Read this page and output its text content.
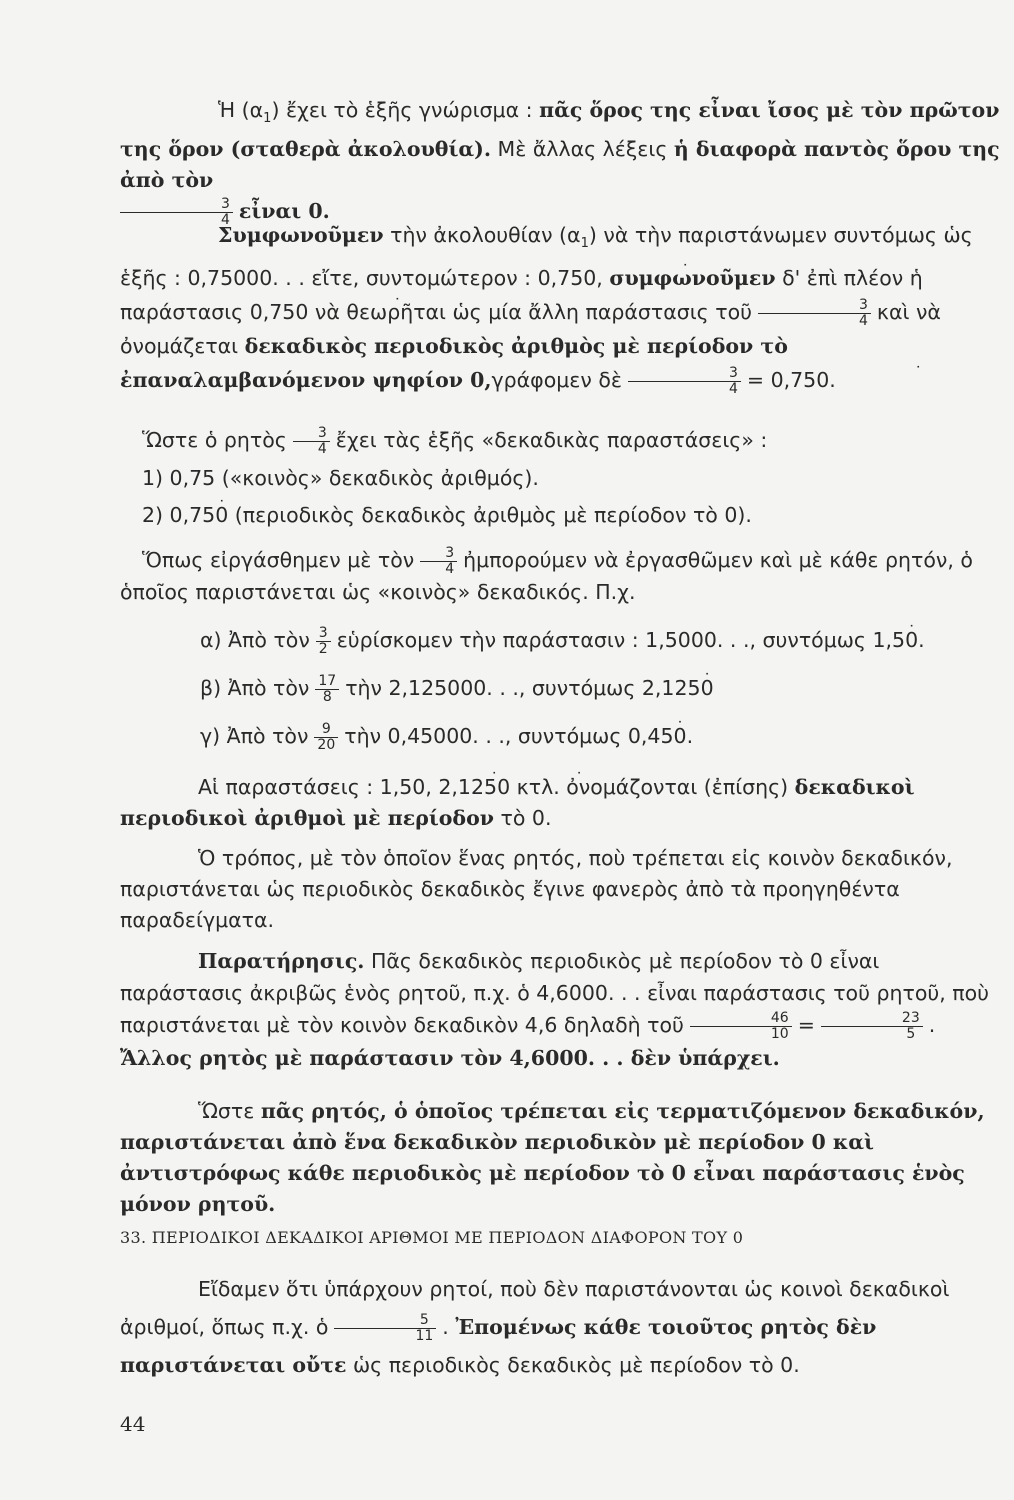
Ἡ $(\alpha_1)$ ἔχει τὸ ἑξῆς γνώρισμα : πᾶς ὅρος της εἶναι ἴσος μὲ τὸν πρῶτον της ὅρον (σταθερὰ ἀκολουθία). Μὲ ἄλλας λέξεις ἡ διαφορὰ παντὸς ὅρου της ἀπὸ τὸν

$\frac{3}{4}$ εἶναι 0.

Συμφωνοῦμεν τὴν ἀκολουθίαν $(\alpha_1)$ νὰ τὴν παριστάνωμεν συντόμως ὡς ἑξῆς : 0,75000. . . εἴτε, συντομώτερον : 0,750 ˙, συμφωνοῦμεν δ' ἐπὶ πλέον ἡ παράστασις 0,750 ˙ νὰ θεωρῆται ὡς μία ἄλλη παράστασις τοῦ $\frac{3}{4}$ καὶ νὰ ὀνομάζεται δεκαδικὸς περιοδικὸς ἀριθμὸς μὲ περίοδον τὸ ἐπαναλαμβανόμενον ψηφίον 0,γράφομεν δὲ $\frac{3}{4} = 0,750$ ˙.

Ὥστε ὁ ρητὸς $\frac{3}{4}$ ἔχει τὰς ἑξῆς «δεκαδικὰς παραστάσεις» :

1) 0,75 («κοινὸς» δεκαδικὸς ἀριθμός).

2) 0,750 ˙ (περιοδικὸς δεκαδικὸς ἀριθμὸς μὲ περίοδον τὸ 0).

Ὅπως εἰργάσθημεν μὲ τὸν $\frac{3}{4}$ ἠμπορούμεν νὰ ἐργασθῶμεν καὶ μὲ κάθε ρητόν, ὁ ὁποῖος παριστάνεται ὡς «κοινὸς» δεκαδικός. Π.χ.

α) Ἀπὸ τὸν $\frac{3}{2}$ εὑρίσκομεν τὴν παράστασιν : 1,5000. . ., συντόμως 1,50 ˙.
β) Ἀπὸ τὸν $\frac{17}{8}$ τὴν 2,125000. . ., συντόμως 2,1250 ˙
γ) Ἀπὸ τὸν $\frac{9}{20}$ τὴν 0,45000. . ., συντόμως 0,450 ˙.

Αἱ παραστάσεις : 1,50 ˙, 2,1250 ˙ κτλ. ὀνομάζονται (ἐπίσης) δεκαδικοὶ περιοδικοὶ ἀριθμοὶ μὲ περίοδον τὸ 0.

Ὁ τρόπος, μὲ τὸν ὁποῖον ἕνας ρητός, ποὺ τρέπεται εἰς κοινὸν δεκαδικόν, παριστάνεται ὡς περιοδικὸς δεκαδικὸς ἔγινε φανερὸς ἀπὸ τὰ προηγηθέντα παραδείγματα.

Παρατήρησις. Πᾶς δεκαδικὸς περιοδικὸς μὲ περίοδον τὸ 0 εἶναι παράστασις ἀκριβῶς ἑνὸς ρητοῦ, π.χ. ὁ 4,6000. . . εἶναι παράστασις τοῦ ρητοῦ, ποὺ παριστάνεται μὲ τὸν κοινὸν δεκαδικὸν 4,6 δηλαδὴ τοῦ $\frac{46}{10} = \frac{23}{5}$ . Ἄλλος ρητὸς μὲ παράστασιν τὸν 4,6000. . . δὲν ὑπάρχει.

Ὥστε πᾶς ρητός, ὁ ὁποῖος τρέπεται εἰς τερματιζόμενον δεκαδικόν, παριστάνεται ἀπὸ ἕνα δεκαδικὸν περιοδικὸν μὲ περίοδον 0 καὶ ἀντιστρόφως κάθε περιοδικὸς μὲ περίοδον τὸ 0 εἶναι παράστασις ἑνὸς μόνον ρητοῦ.

33. ΠΕΡΙΟΔΙΚΟΙ ΔΕΚΑΔΙΚΟΙ ΑΡΙΘΜΟΙ ΜΕ ΠΕΡΙΟΔΟΝ ΔΙΑΦΟΡΟΝ ΤΟΥ 0

Εἴδαμεν ὅτι ὑπάρχουν ρητοί, ποὺ δὲν παριστάνονται ὡς κοινοὶ δεκαδικοὶ ἀριθμοί, ὅπως π.χ. ὁ $\frac{5}{11}$ . Ἐπομένως κάθε τοιοῦτος ρητὸς δὲν παριστάνεται οὔτε ὡς περιοδικὸς δεκαδικὸς μὲ περίοδον τὸ 0.

44
